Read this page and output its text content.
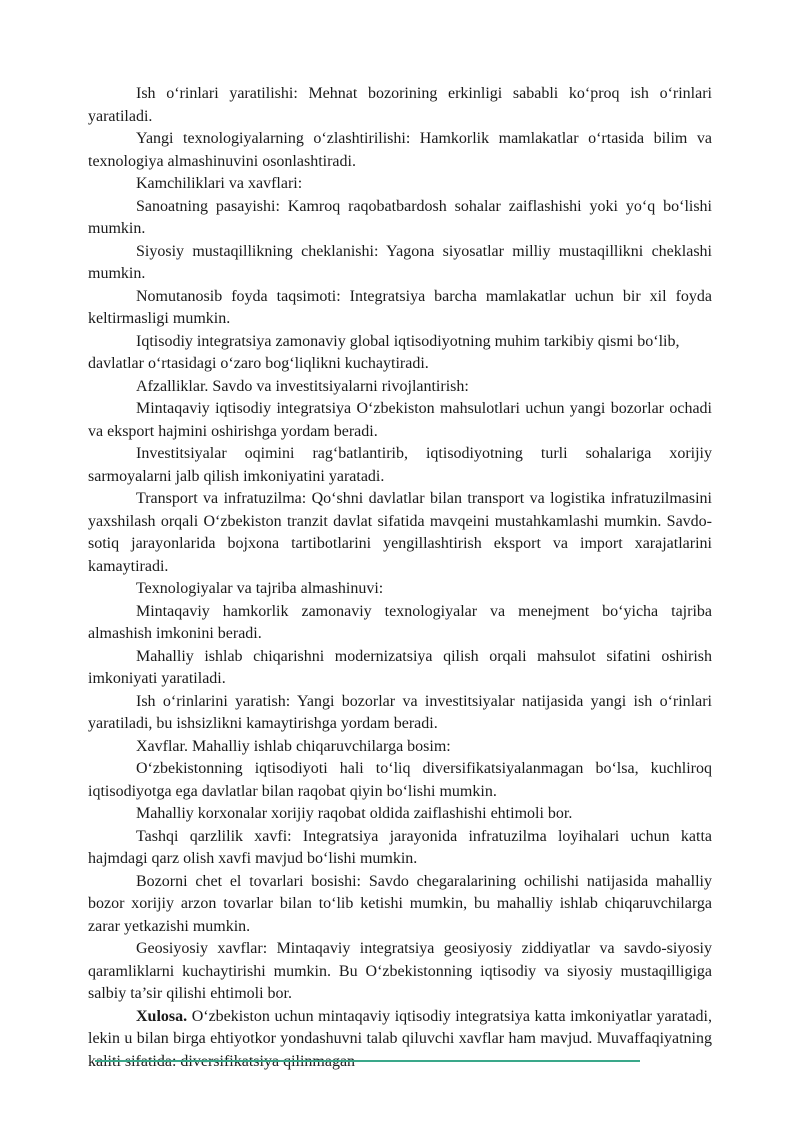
Ish o‘rinlari yaratilishi: Mehnat bozorining erkinligi sababli ko‘proq ish o‘rinlari yaratiladi.

Yangi texnologiyalarning o‘zlashtirilishi: Hamkorlik mamlakatlar o‘rtasida bilim va texnologiya almashinuvini osonlashtiradi.

Kamchiliklari va xavflari:

Sanoatning pasayishi: Kamroq raqobatbardosh sohalar zaiflashishi yoki yo‘q bo‘lishi mumkin.

Siyosiy mustaqillikning cheklanishi: Yagona siyosatlar milliy mustaqillikni cheklashi mumkin.

Nomutanosib foyda taqsimoti: Integratsiya barcha mamlakatlar uchun bir xil foyda keltirmasligi mumkin.

Iqtisodiy integratsiya zamonaviy global iqtisodiyotning muhim tarkibiy qismi bo‘lib, davlatlar o‘rtasidagi o‘zaro bog‘liqlikni kuchaytiradi.

Afzalliklar. Savdo va investitsiyalarni rivojlantirish:

Mintaqaviy iqtisodiy integratsiya O‘zbekiston mahsulotlari uchun yangi bozorlar ochadi va eksport hajmini oshirishga yordam beradi.

Investitsiyalar oqimini rag‘batlantirib, iqtisodiyotning turli sohalariga xorijiy sarmoyalarni jalb qilish imkoniyatini yaratadi.

Transport va infratuzilma: Qo‘shni davlatlar bilan transport va logistika infratuzilmasini yaxshilash orqali O‘zbekiston tranzit davlat sifatida mavqeini mustahkamlashi mumkin. Savdo-sotiq jarayonlarida bojxona tartibotlarini yengillashtirish eksport va import xarajatlarini kamaytiradi.

Texnologiyalar va tajriba almashinuvi:

Mintaqaviy hamkorlik zamonaviy texnologiyalar va menejment bo‘yicha tajriba almashish imkonini beradi.

Mahalliy ishlab chiqarishni modernizatsiya qilish orqali mahsulot sifatini oshirish imkoniyati yaratiladi.

Ish o‘rinlarini yaratish: Yangi bozorlar va investitsiyalar natijasida yangi ish o‘rinlari yaratiladi, bu ishsizlikni kamaytirishga yordam beradi.

Xavflar. Mahalliy ishlab chiqaruvchilarga bosim:

O‘zbekistonning iqtisodiyoti hali to‘liq diversifikatsiyalanmagan bo‘lsa, kuchliroq iqtisodiyotga ega davlatlar bilan raqobat qiyin bo‘lishi mumkin.

Mahalliy korxonalar xorijiy raqobat oldida zaiflashishi ehtimoli bor.

Tashqi qarzlilik xavfi: Integratsiya jarayonida infratuzilma loyihalari uchun katta hajmdagi qarz olish xavfi mavjud bo‘lishi mumkin.

Bozorni chet el tovarlari bosishi: Savdo chegaralarining ochilishi natijasida mahalliy bozor xorijiy arzon tovarlar bilan to‘lib ketishi mumkin, bu mahalliy ishlab chiqaruvchilarga zarar yetkazishi mumkin.

Geosiyosiy xavflar: Mintaqaviy integratsiya geosiyosiy ziddiyatlar va savdo-siyosiy qaramliklarni kuchaytirishi mumkin. Bu O‘zbekistonning iqtisodiy va siyosiy mustaqilligiga salbiy ta’sir qilishi ehtimoli bor.

Xulosa. O‘zbekiston uchun mintaqaviy iqtisodiy integratsiya katta imkoniyatlar yaratadi, lekin u bilan birga ehtiyotkor yondashuvni talab qiluvchi xavflar ham mavjud. Muvaffaqiyatning kaliti sifatida: diversifikatsiya qilinmagan
